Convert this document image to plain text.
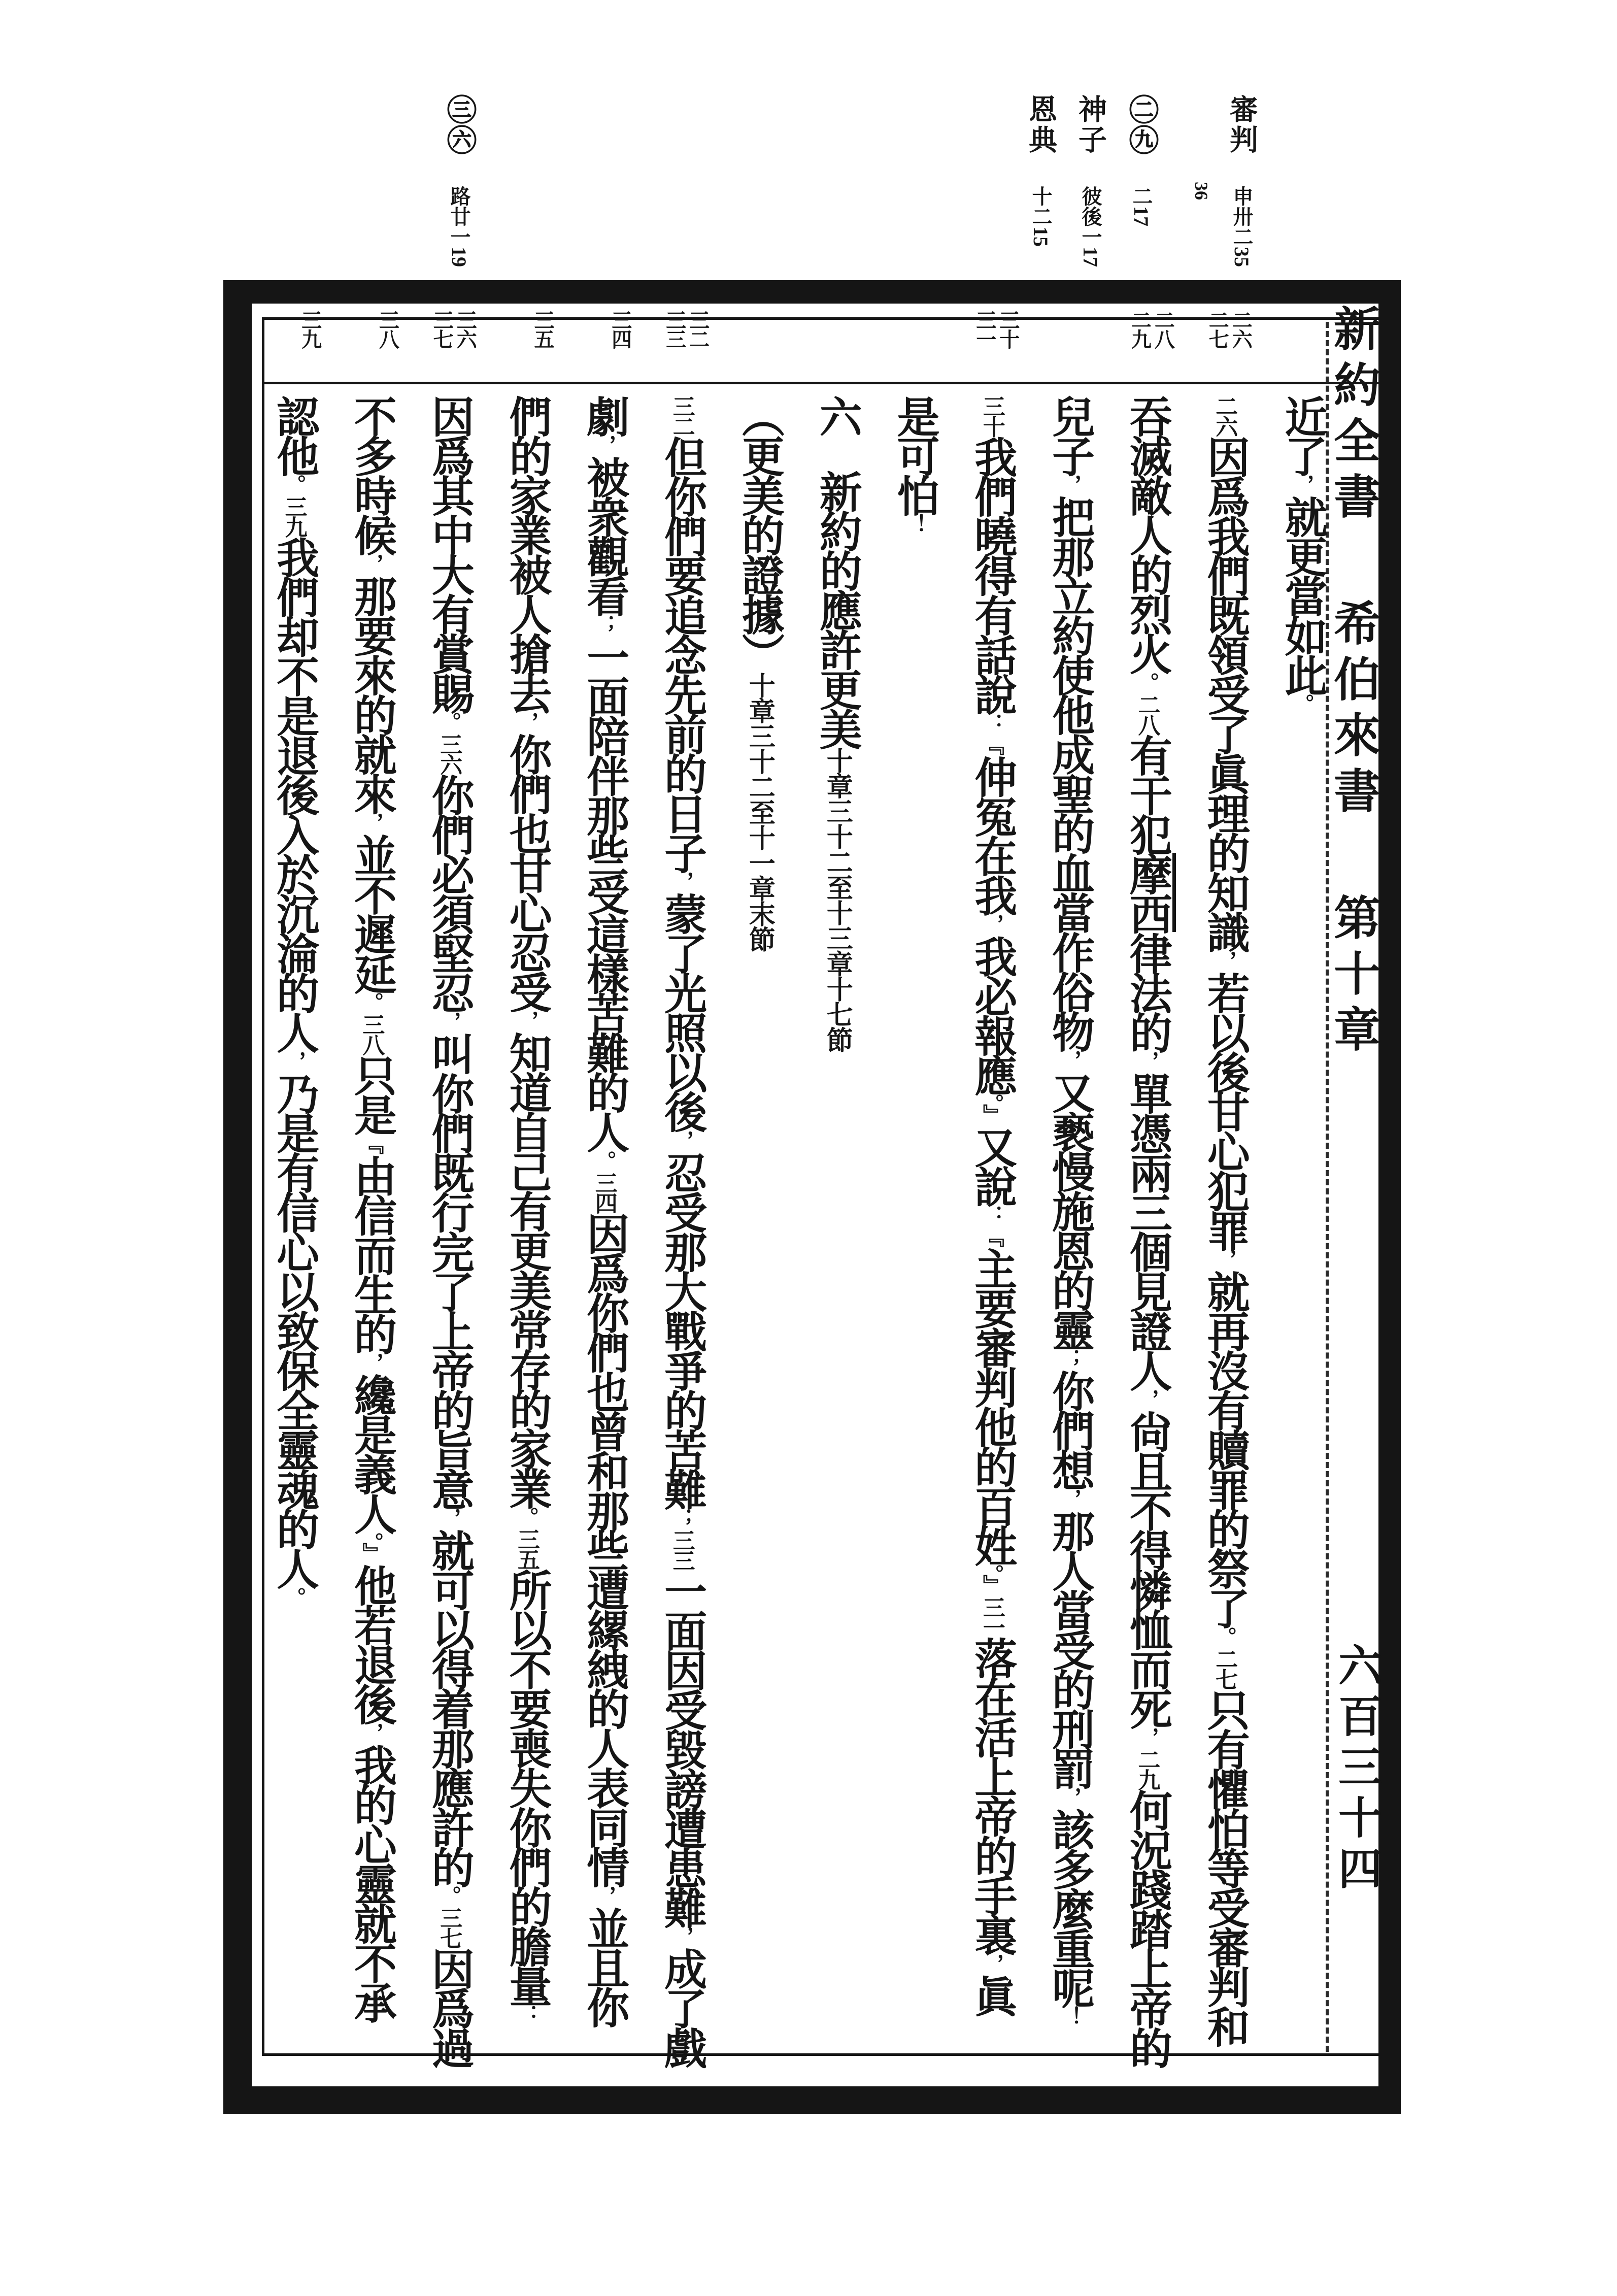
審判申卅二35
36
㊁㊈二17
神子彼後一17
恩典十二15
㊂㊅路廿一19
二六
二七
二八
二九
三十
三一
三二
三三
三四
三五
三六
三七
三八
三九	新約全書希伯來書第十章
六百三十四
近了，就更當如此。
二六因爲我們既領受了眞理的知識，若以後甘心犯罪，就再沒有贖罪的祭了。二七只有懼怕等受審判和
吞滅敵人的烈火。二八有干犯摩西律法的，單憑兩三個見證人，尙且不得憐恤而死，二九何況踐踏上帝的
兒子，把那立約使他成聖的血當作俗物，又褻慢施恩的靈；你們想，那人當受的刑罰，該多麼重呢！
三十我們曉得有話說：『伸冤在我，我必報應。』又說：『主要審判他的百姓。』三一落在活上帝的手裏，眞
是可怕！
六新約的應許更美十章三十二至十三章十七節
（更美的證據）十章三十二至十一章末節
三二但你們要追念先前的日子，蒙了光照以後，忍受那大戰爭的苦難；三三一面因受毀謗遭患難，成了戲
劇，被衆觀看；一面陪伴那些受這樣苦難的人。三四因爲你們也曾和那些遭縲絏的人表同情，並且你
們的家業被人搶去，你們也甘心忍受，知道自己有更美常存的家業。三五所以不要喪失你們的膽量：
因爲其中大有賞賜。三六你們必須堅忍，叫你們既行完了上帝的旨意，就可以得着那應許的。三七因爲過
不多時候，那要來的就來，並不遲延。三八只是『由信而生的，纔是義人。』他若退後，我的心靈就不承
認他。三九我們却不是退後入於沉淪的人，乃是有信心以致保全靈魂的人。
